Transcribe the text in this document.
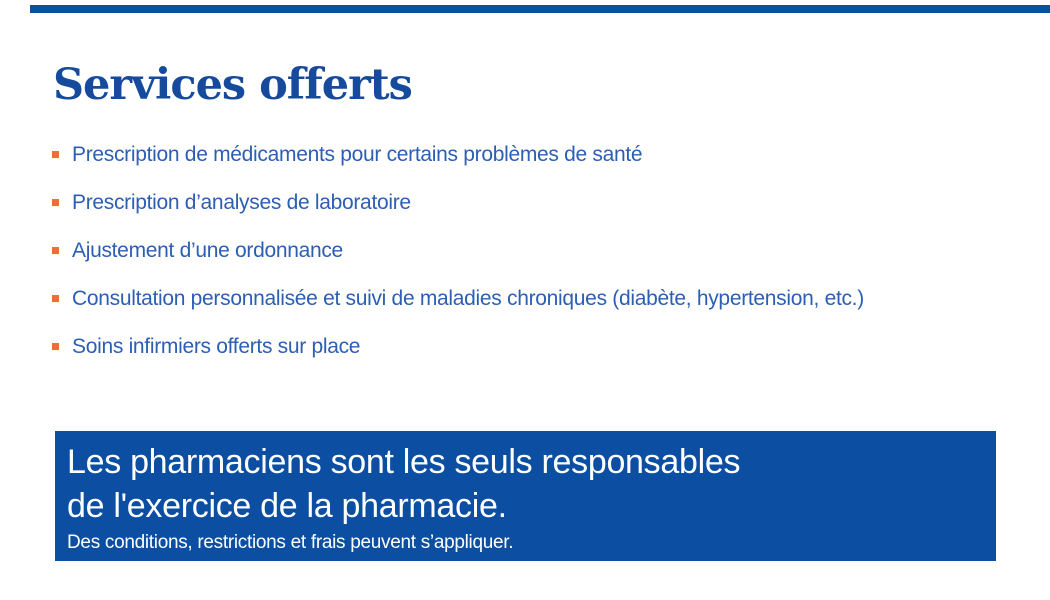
Services offerts
Prescription de médicaments pour certains problèmes de santé
Prescription d’analyses de laboratoire
Ajustement d’une ordonnance
Consultation personnalisée et suivi de maladies chroniques (diabète, hypertension, etc.)
Soins infirmiers offerts sur place
Les pharmaciens sont les seuls responsables
de l'exercice de la pharmacie.
Des conditions, restrictions et frais peuvent s’appliquer.
